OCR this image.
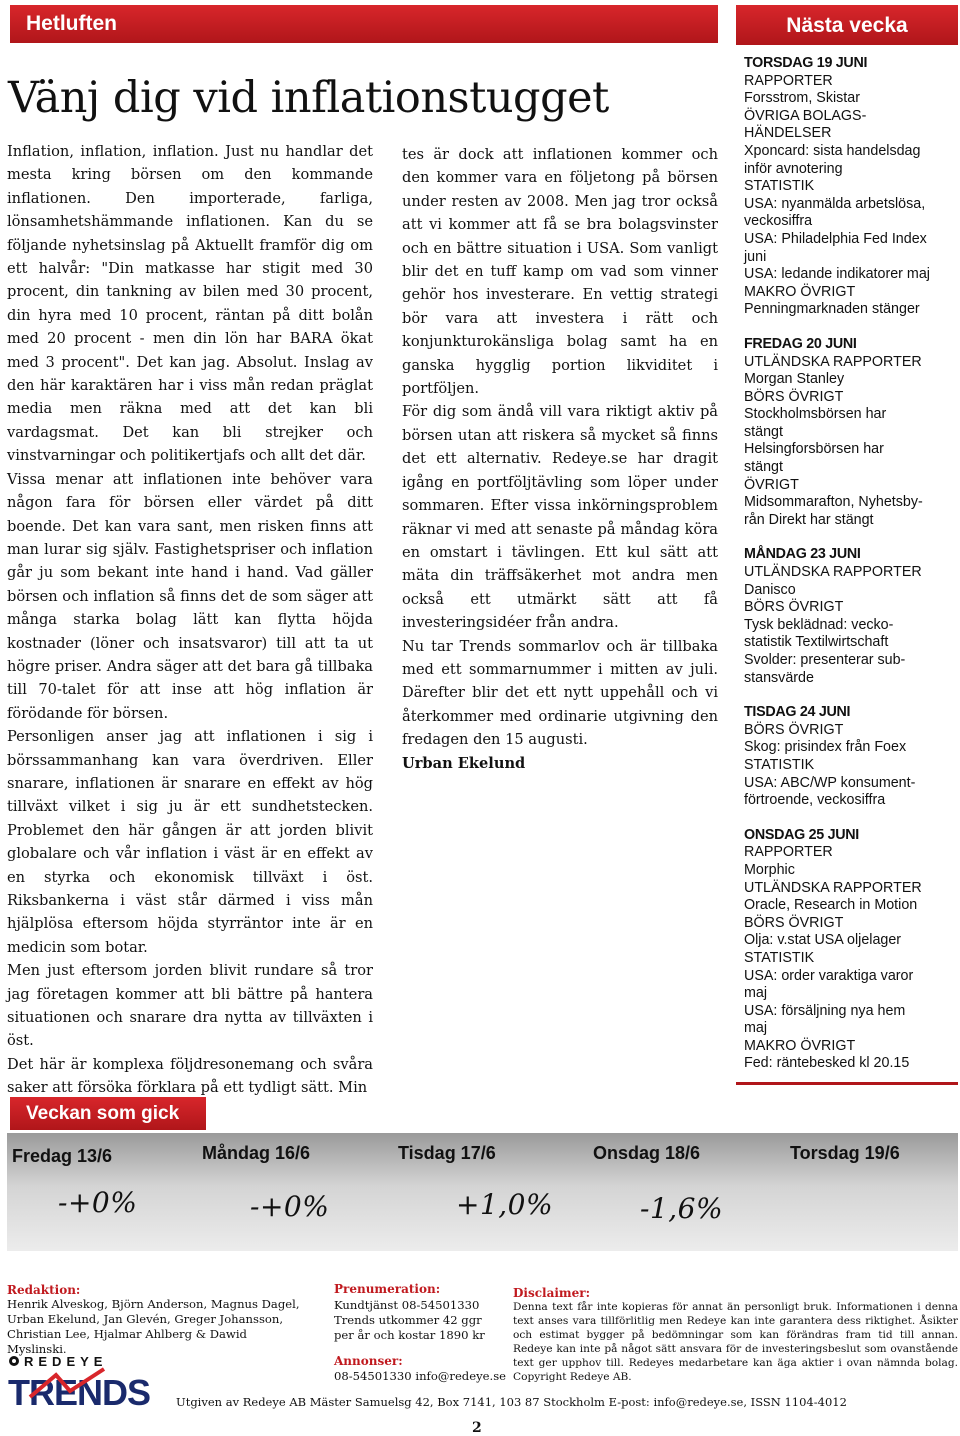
Hetluften	Nästa vecka
Vänj dig vid inflationstugget

Inflation, inflation, inflation. Just nu handlar det mesta kring börsen om den kommande inflationen. Den importerade, farliga, lönsamhetshämmande inflationen. Kan du se följande nyhetsinslag på Aktuellt framför dig om ett halvår: "Din matkasse har stigit med 30 procent, din tankning av bilen med 30 procent, din hyra med 10 procent, räntan på ditt bolån med 20 procent - men din lön har BARA ökat med 3 procent". Det kan jag. Absolut. Inslag av den här karaktären har i viss mån redan präglat media men räkna med att det kan bli vardagsmat. Det kan bli strejker och vinstvarningar och politikertjafs och allt det där.

Vissa menar att inflationen inte behöver vara någon fara för börsen eller värdet på ditt boende. Det kan vara sant, men risken finns att man lurar sig själv. Fastighetspriser och inflation går ju som bekant inte hand i hand. Vad gäller börsen och inflation så finns det de som säger att många starka bolag lätt kan flytta höjda kostnader (löner och insatsvaror) till att ta ut högre priser. Andra säger att det bara gå tillbaka till 70-talet för att inse att hög inflation är förödande för börsen.

Personligen anser jag att inflationen i sig i börssammanhang kan vara överdriven. Eller snarare, inflationen är snarare en effekt av hög tillväxt vilket i sig ju är ett sundhetstecken. Problemet den här gången är att jorden blivit globalare och vår inflation i väst är en effekt av en styrka och ekonomisk tillväxt i öst. Riksbankerna i väst står därmed i viss mån hjälplösa eftersom höjda styrräntor inte är en medicin som botar.

Men just eftersom jorden blivit rundare så tror jag företagen kommer att bli bättre på hantera situationen och snarare dra nytta av tillväxten i öst.

Det här är komplexa följdresonemang och svåra saker att försöka förklara på ett tydligt sätt. Min

tes är dock att inflationen kommer och den kommer vara en följetong på börsen under resten av 2008. Men jag tror också att vi kommer att få se bra bolagsvinster och en bättre situation i USA. Som vanligt blir det en tuff kamp om vad som vinner gehör hos investerare. En vettig strategi bör vara att investera i rätt och konjunkturokänsliga bolag samt ha en ganska hygglig portion likviditet i portföljen.

För dig som ändå vill vara riktigt aktiv på börsen utan att riskera så mycket så finns det ett alternativ. Redeye.se har dragit igång en portföljtävling som löper under sommaren. Efter vissa inkörningsproblem räknar vi med att senaste på måndag köra en omstart i tävlingen. Ett kul sätt att mäta din träffsäkerhet mot andra men också ett utmärkt sätt att få investeringsidéer från andra.

Nu tar Trends sommarlov och är tillbaka med ett sommarnummer i mitten av juli. Därefter blir det ett nytt uppehåll och vi återkommer med ordinarie utgivning den fredagen den 15 augusti.

Urban Ekelund

TORSDAG 19 JUNI
RAPPORTER
Forsstrom, Skistar
ÖVRIGA BOLAGS-
HÄNDELSER
Xponcard: sista handelsdag
inför avnotering
STATISTIK
USA: nyanmälda arbetslösa,
veckosiffra
USA: Philadelphia Fed Index
juni
USA: ledande indikatorer maj
MAKRO ÖVRIGT
Penningmarknaden stänger
FREDAG 20 JUNI
UTLÄNDSKA RAPPORTER
Morgan Stanley
BÖRS ÖVRIGT
Stockholmsbörsen har
stängt
Helsingforsbörsen har
stängt
ÖVRIGT
Midsommarafton, Nyhetsby-
rån Direkt har stängt
MÅNDAG 23 JUNI
UTLÄNDSKA RAPPORTER
Danisco
BÖRS ÖVRIGT
Tysk beklädnad: vecko-
statistik Textilwirtschaft
Svolder: presenterar sub-
stansvärde
TISDAG 24 JUNI
BÖRS ÖVRIGT
Skog: prisindex från Foex
STATISTIK
USA: ABC/WP konsument-
förtroende, veckosiffra
ONSDAG 25 JUNI
RAPPORTER
Morphic
UTLÄNDSKA RAPPORTER
Oracle, Research in Motion
BÖRS ÖVRIGT
Olja: v.stat USA oljelager
STATISTIK
USA: order varaktiga varor
maj
USA: försäljning nya hem
maj
MAKRO ÖVRIGT
Fed: räntebesked kl 20.15
Veckan som gick
Fredag 13/6	Måndag 16/6	Tisdag 17/6	Onsdag 18/6	Torsdag 19/6
-+0%	-+0%	+1,0%	-1,6%
Redaktion:
Henrik Alveskog, Björn Anderson, Magnus Dagel, Urban Ekelund, Jan Glevén, Greger Johansson, Christian Lee, Hjalmar Ahlberg & Dawid Myslinski.
Prenumeration:
Kundtjänst 08-54501330
Trends utkommer 42 ggr
per år och kostar 1890 kr
Annonser:
08-54501330 info@redeye.se
Disclaimer:
Denna text får inte kopieras för annat än personligt bruk. Informationen i denna text anses vara tillförlitlig men Redeye kan inte garantera dess riktighet. Åsikter och estimat bygger på bedömningar som kan förändras fram tid till annan. Redeye kan inte på något sätt ansvara för de investeringsbeslut som ovanstående text ger upphov till. Redeyes medarbetare kan äga aktier i ovan nämnda bolag. Copyright Redeye AB.
REDEYE
TRENDS Utgiven av Redeye AB Mäster Samuelsg 42, Box 7141, 103 87 Stockholm E-post: info@redeye.se, ISSN 1104-4012
2
